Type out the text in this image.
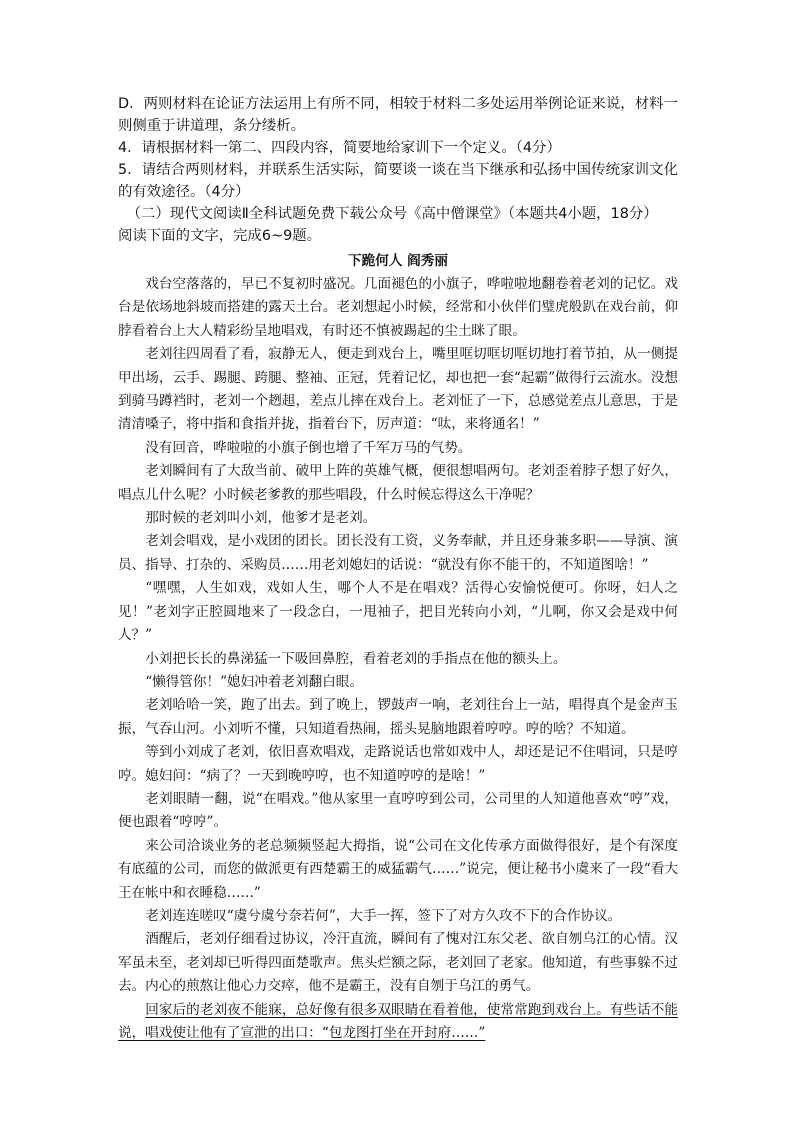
D．两则材料在论证方法运用上有所不同，相较于材料二多处运用举例论证来说，材料一则侧重于讲道理，条分缕析。

4．请根据材料一第二、四段内容，简要地给家训下一个定义。（4分）

5．请结合两则材料，并联系生活实际，简要谈一谈在当下继承和弘扬中国传统家训文化的有效途径。（4分）

（二）现代文阅读Ⅱ全科试题免费下载公众号《高中僧课堂》（本题共4小题，18分）

阅读下面的文字，完成6~9题。

下跪何人 阎秀丽

戏台空落落的，早已不复初时盛况。几面褪色的小旗子，哗啦啦地翻卷着老刘的记忆。戏台是依场地斜坡而搭建的露天土台。老刘想起小时候，经常和小伙伴们璧虎般趴在戏台前，仰脖看着台上大人精彩纷呈地唱戏，有时还不慎被踢起的尘土眯了眼。

老刘往四周看了看，寂静无人，便走到戏台上，嘴里哐切哐切哐切地打着节拍，从一侧提甲出场，云手、踢腿、跨腿、整袖、正冠，凭着记忆，却也把一套“起霸”做得行云流水。没想到骑马蹲裆时，老刘一个趔趄，差点儿摔在戏台上。老刘怔了一下，总感觉差点儿意思，于是清清嗓子，将中指和食指并拢，指着台下，厉声道：“呔，来将通名！”

没有回音，哗啦啦的小旗子倒也增了千军万马的气势。

老刘瞬间有了大敌当前、破甲上阵的英雄气概，便很想唱两句。老刘歪着脖子想了好久，唱点儿什么呢？小时候老爹教的那些唱段，什么时候忘得这么干净呢？

那时候的老刘叫小刘，他爹才是老刘。

老刘会唱戏，是小戏团的团长。团长没有工资，义务奉献，并且还身兼多职——导演、演员、指导、打杂的、采购员……用老刘媳妇的话说：“就没有你不能干的，不知道图啥！”

“嘿嘿，人生如戏，戏如人生，哪个人不是在唱戏？活得心安愉悦便可。你呀，妇人之见！”老刘字正腔圆地来了一段念白，一甩袖子，把目光转向小刘，“儿啊，你又会是戏中何人？”

小刘把长长的鼻涕猛一下吸回鼻腔，看着老刘的手指点在他的额头上。

“懒得管你！”媳妇冲着老刘翻白眼。

老刘哈哈一笑，跑了出去。到了晚上，锣鼓声一响，老刘往台上一站，唱得真个是金声玉振，气吞山河。小刘听不懂，只知道看热闹，摇头晃脑地跟着哼哼。哼的啥？不知道。

等到小刘成了老刘，依旧喜欢唱戏，走路说话也常如戏中人，却还是记不住唱词，只是哼哼。媳妇问：“病了？一天到晚哼哼，也不知道哼哼的是啥！”

老刘眼睛一翻，说“在唱戏。”他从家里一直哼哼到公司，公司里的人知道他喜欢“哼”戏，便也跟着“哼哼”。

来公司洽谈业务的老总频频竖起大拇指，说“公司在文化传承方面做得很好，是个有深度有底蕴的公司，而您的做派更有西楚霸王的威猛霸气……”说完，便让秘书小虞来了一段“看大王在帐中和衣睡稳……”

老刘连连嗟叹“虞兮虞兮奈若何”，大手一挥，签下了对方久攻不下的合作协议。

酒醒后，老刘仔细看过协议，冷汗直流，瞬间有了愧对江东父老、欲自刎乌江的心情。汉军虽未至，老刘却已听得四面楚歌声。焦头烂额之际，老刘回了老家。他知道，有些事躲不过去。内心的煎熬让他心力交瘁，他不是霸王，没有自刎于乌江的勇气。

回家后的老刘夜不能寐，总好像有很多双眼睛在看着他，使常常跑到戏台上。有些话不能说，唱戏使让他有了宣泄的出口：“包龙图打坐在开封府……”
